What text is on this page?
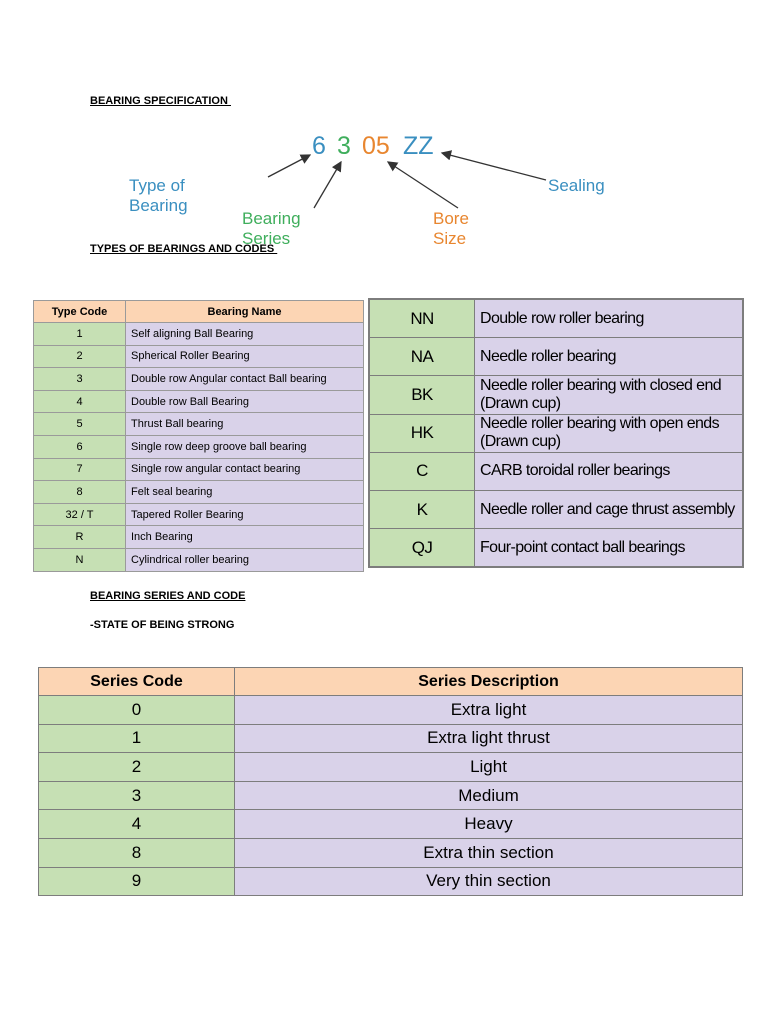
BEARING SPECIFICATION
6 3 05 ZZ
Type of Bearing
Bearing Series
Bore Size
Sealing
TYPES OF BEARINGS AND CODES
Type Code	Bearing Name
1	Self aligning Ball Bearing
2	Spherical Roller Bearing
3	Double row Angular contact Ball bearing
4	Double row Ball Bearing
5	Thrust Ball bearing
6	Single row deep groove ball bearing
7	Single row angular contact bearing
8	Felt seal bearing
32 / T	Tapered Roller Bearing
R	Inch Bearing
N	Cylindrical roller bearing
NN	Double row roller bearing
NA	Needle roller bearing
BK	Needle roller bearing with closed end (Drawn cup)
HK	Needle roller bearing with open ends (Drawn cup)
C	CARB toroidal roller bearings
K	Needle roller and cage thrust assembly
QJ	Four-point contact ball bearings
BEARING SERIES AND CODE
-STATE OF BEING STRONG
Series Code	Series Description
0	Extra light
1	Extra light thrust
2	Light
3	Medium
4	Heavy
8	Extra thin section
9	Very thin section
